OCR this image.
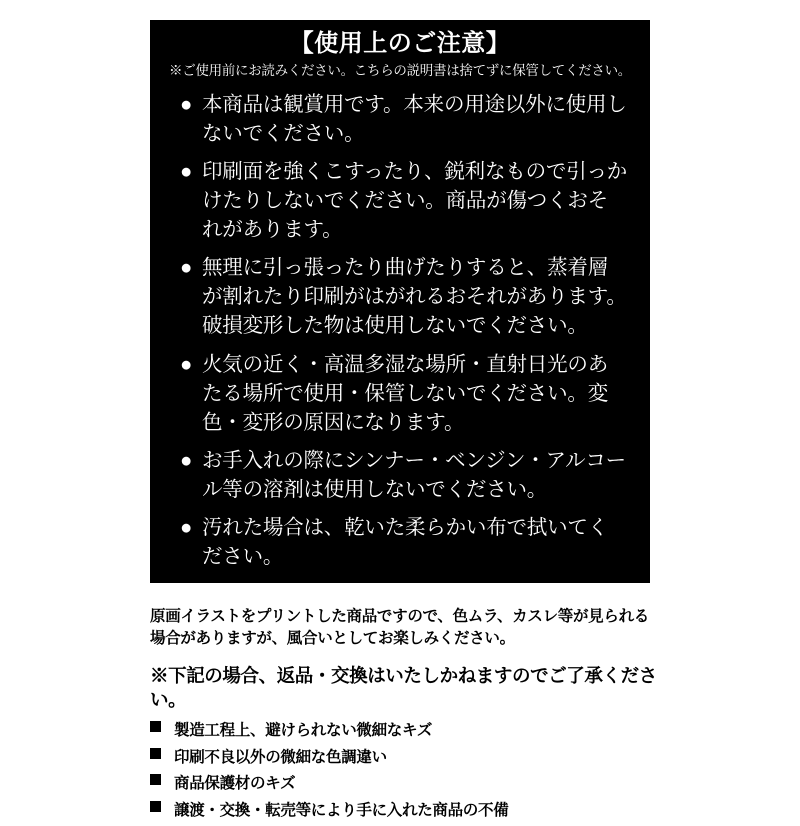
【使用上のご注意】
※ご使用前にお読みください。こちらの説明書は捨てずに保管してください。
● 本商品は観賞用です。本来の用途以外に使用しないでください。
● 印刷面を強くこすったり、鋭利なもので引っかけたりしないでください。商品が傷つくおそれがあります。
● 無理に引っ張ったり曲げたりすると、蒸着層が割れたり印刷がはがれるおそれがあります。破損変形した物は使用しないでください。
● 火気の近く・高温多湿な場所・直射日光のあたる場所で使用・保管しないでください。変色・変形の原因になります。
● お手入れの際にシンナー・ベンジン・アルコール等の溶剤は使用しないでください。
● 汚れた場合は、乾いた柔らかい布で拭いてください。

原画イラストをプリントした商品ですので、色ムラ、カスレ等が見られる場合がありますが、風合いとしてお楽しみください。

※下記の場合、返品・交換はいたしかねますのでご了承ください。
製造工程上、避けられない微細なキズ
印刷不良以外の微細な色調違い
商品保護材のキズ
譲渡・交換・転売等により手に入れた商品の不備
